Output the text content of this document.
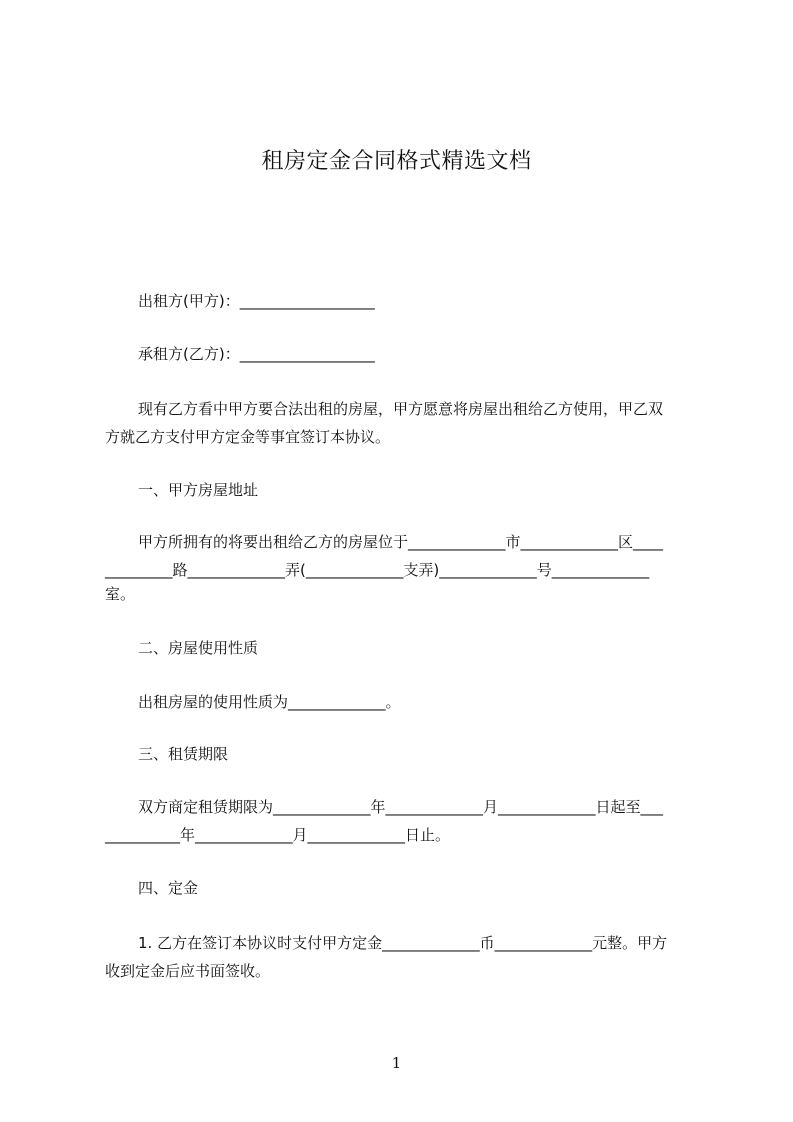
租房定金合同格式精选文档

出租方(甲方)：__________________

承租方(乙方)：__________________

现有乙方看中甲方要合法出租的房屋，甲方愿意将房屋出租给乙方使用，甲乙双

方就乙方支付甲方定金等事宜签订本协议。

一、甲方房屋地址

甲方所拥有的将要出租给乙方的房屋位于_____________市_____________区____

_________路_____________弄(_____________支弄)_____________号_____________

室。

二、房屋使用性质

出租房屋的使用性质为_____________。

三、租赁期限

双方商定租赁期限为_____________年_____________月_____________日起至___

__________年_____________月_____________日止。

四、定金

1. 乙方在签订本协议时支付甲方定金_____________币_____________元整。甲方

收到定金后应书面签收。

1
